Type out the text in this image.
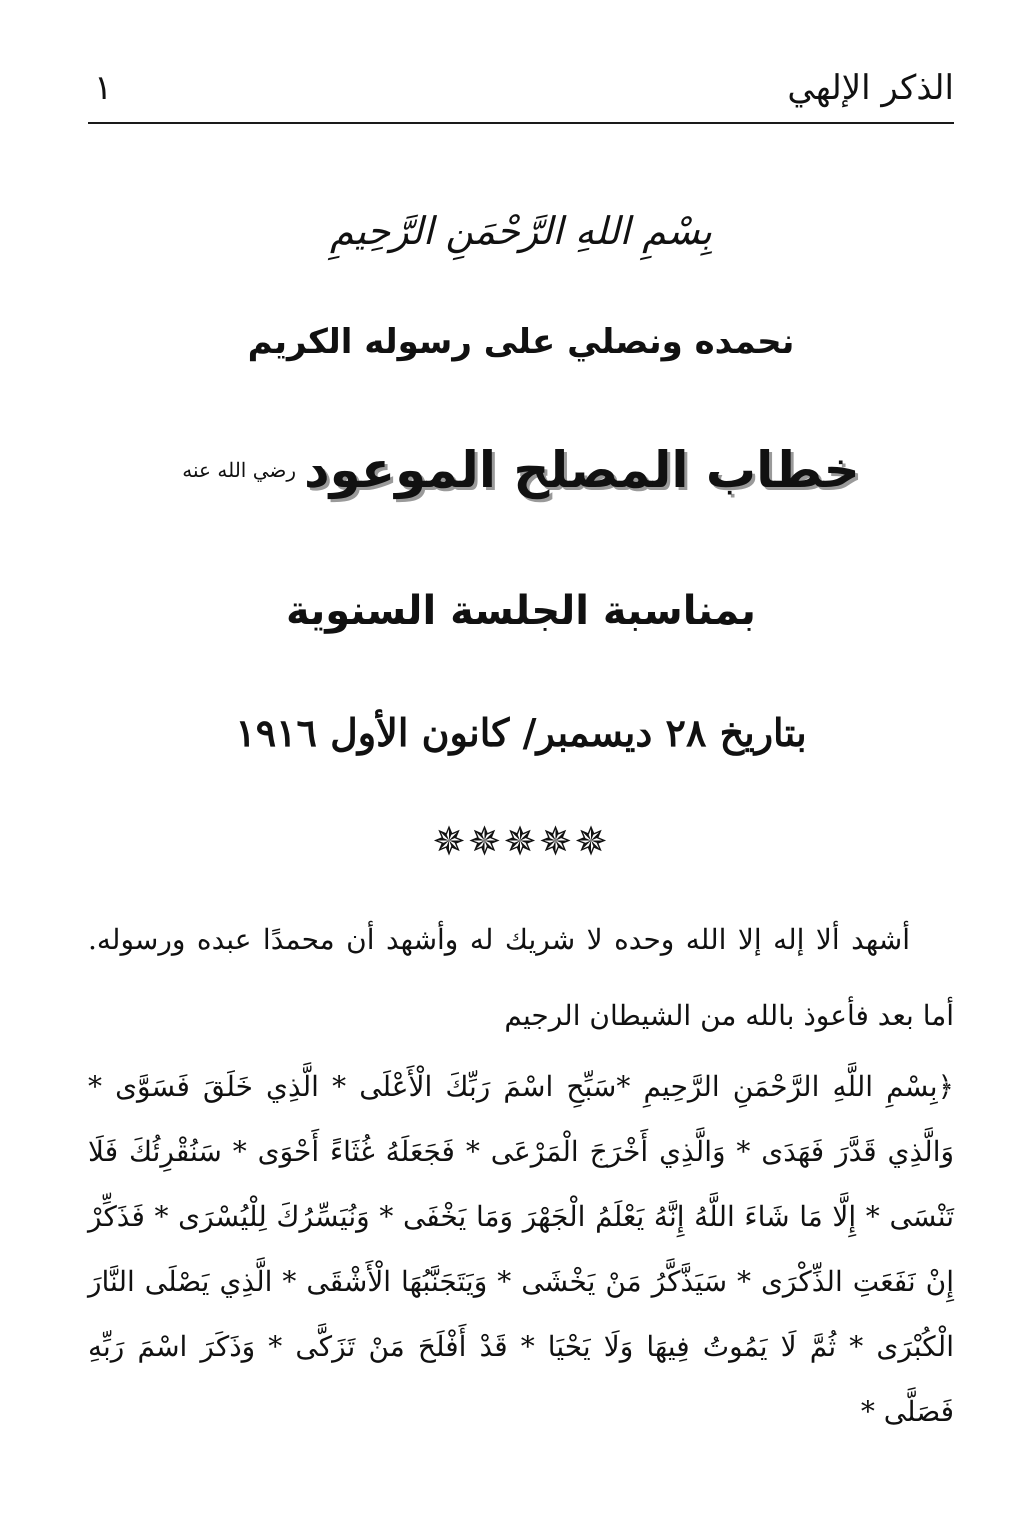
الذكر الإلهي
١
بِسْمِ اللهِ الرَّحْمَنِ الرَّحِيمِ
نحمده ونصلي على رسوله الكريم
خطاب المصلح الموعود$^{رضي الله عنه}$
بمناسبة الجلسة السنوية
بتاريخ ٢٨ ديسمبر/ كانون الأول ١٩١٦
✵✵✵✵✵

أشهد ألا إله إلا الله وحده لا شريك له وأشهد أن محمدًا عبده ورسوله. أما بعد فأعوذ بالله من الشيطان الرجيم

﴿بِسْمِ اللَّهِ الرَّحْمَنِ الرَّحِيمِ *سَبِّحِ اسْمَ رَبِّكَ الْأَعْلَى * الَّذِي خَلَقَ فَسَوَّى * وَالَّذِي قَدَّرَ فَهَدَى * وَالَّذِي أَخْرَجَ الْمَرْعَى * فَجَعَلَهُ غُثَاءً أَحْوَى * سَنُقْرِئُكَ فَلَا تَنْسَى * إِلَّا مَا شَاءَ اللَّهُ إِنَّهُ يَعْلَمُ الْجَهْرَ وَمَا يَخْفَى * وَنُيَسِّرُكَ لِلْيُسْرَى * فَذَكِّرْ إِنْ نَفَعَتِ الذِّكْرَى * سَيَذَّكَّرُ مَنْ يَخْشَى * وَيَتَجَنَّبُهَا الْأَشْقَى * الَّذِي يَصْلَى النَّارَ الْكُبْرَى * ثُمَّ لَا يَمُوتُ فِيهَا وَلَا يَحْيَا * قَدْ أَفْلَحَ مَنْ تَزَكَّى * وَذَكَرَ اسْمَ رَبِّهِ فَصَلَّى *
